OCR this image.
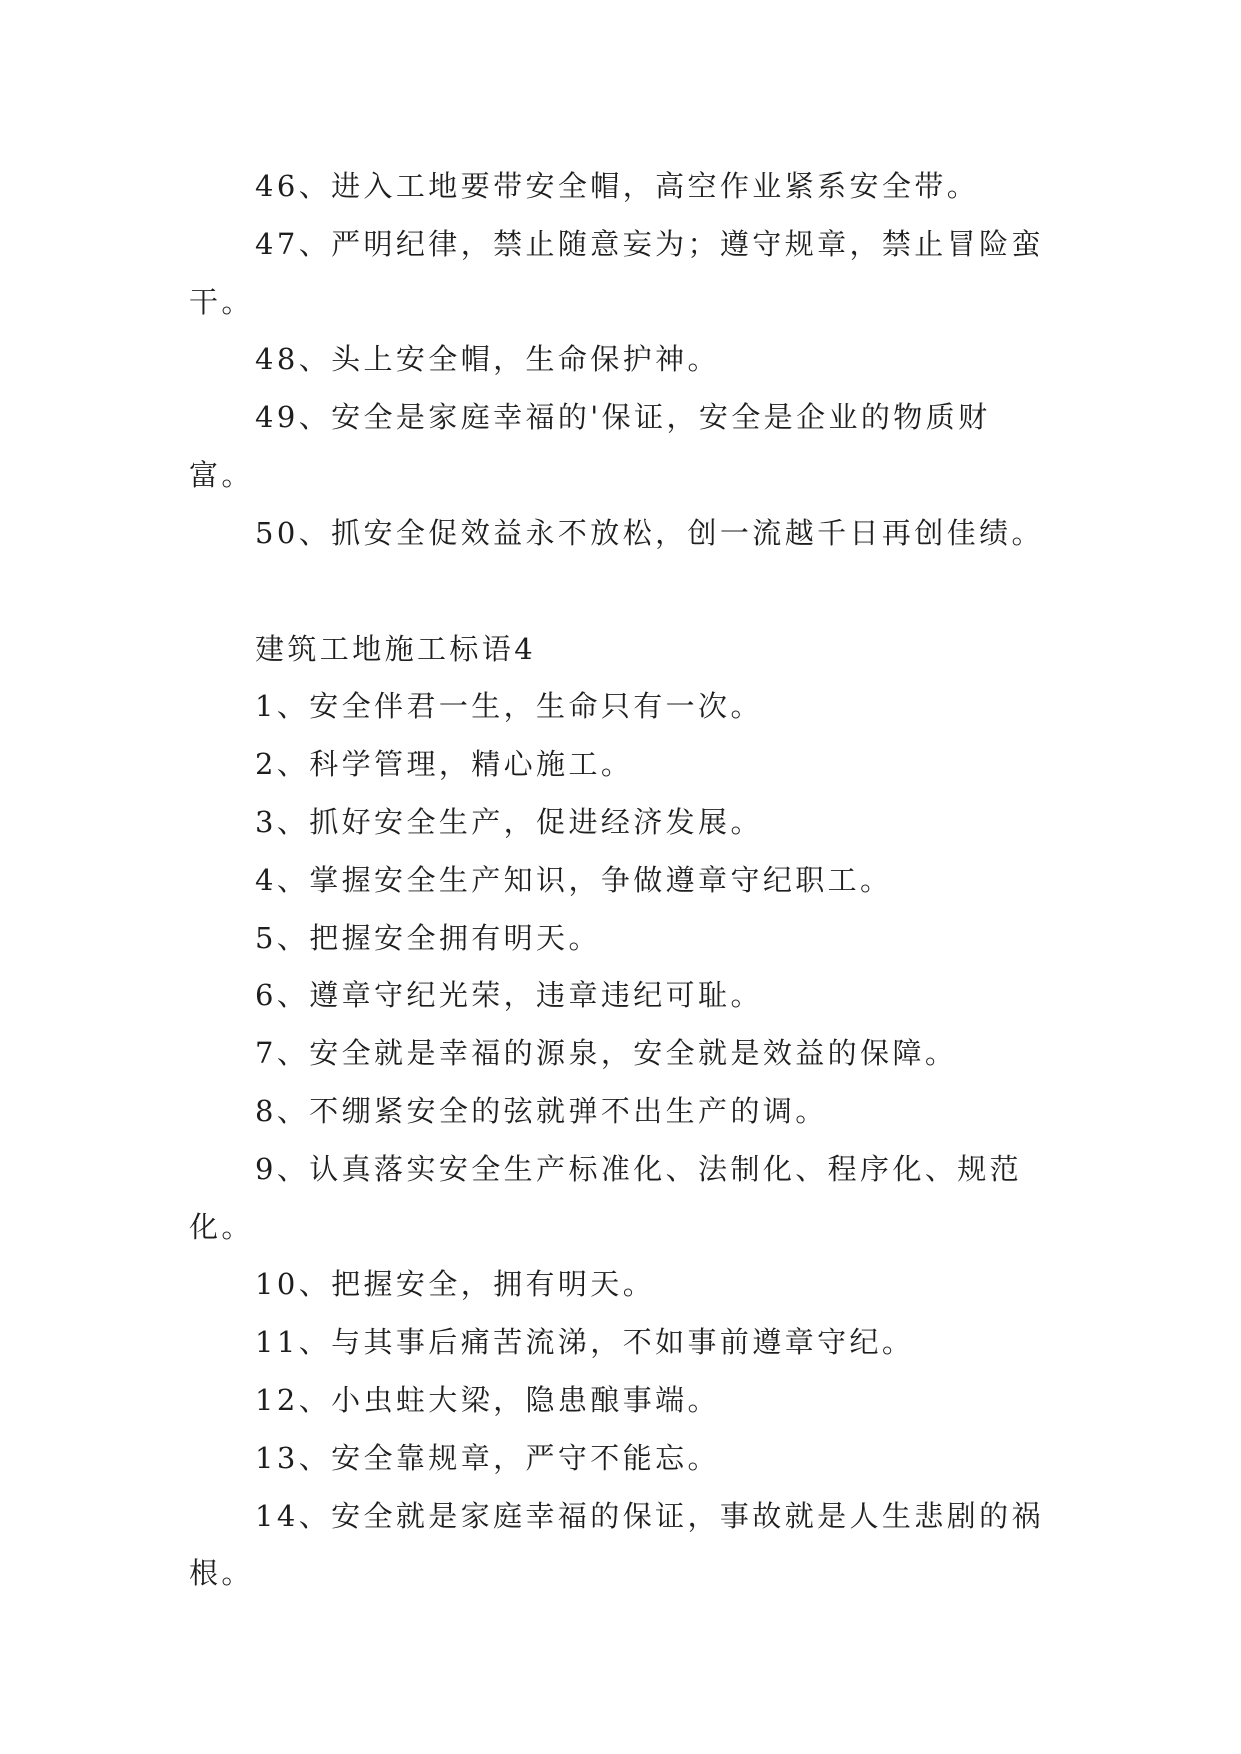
46、进入工地要带安全帽，高空作业紧系安全带。

47、严明纪律，禁止随意妄为；遵守规章，禁止冒险蛮干。

48、头上安全帽，生命保护神。

49、安全是家庭幸福的'保证，安全是企业的物质财富。

50、抓安全促效益永不放松，创一流越千日再创佳绩。

建筑工地施工标语4

1、安全伴君一生，生命只有一次。

2、科学管理，精心施工。

3、抓好安全生产，促进经济发展。

4、掌握安全生产知识，争做遵章守纪职工。

5、把握安全拥有明天。

6、遵章守纪光荣，违章违纪可耻。

7、安全就是幸福的源泉，安全就是效益的保障。

8、不绷紧安全的弦就弹不出生产的调。

9、认真落实安全生产标准化、法制化、程序化、规范化。

10、把握安全，拥有明天。

11、与其事后痛苦流涕，不如事前遵章守纪。

12、小虫蛀大梁，隐患酿事端。

13、安全靠规章，严守不能忘。

14、安全就是家庭幸福的保证，事故就是人生悲剧的祸根。
